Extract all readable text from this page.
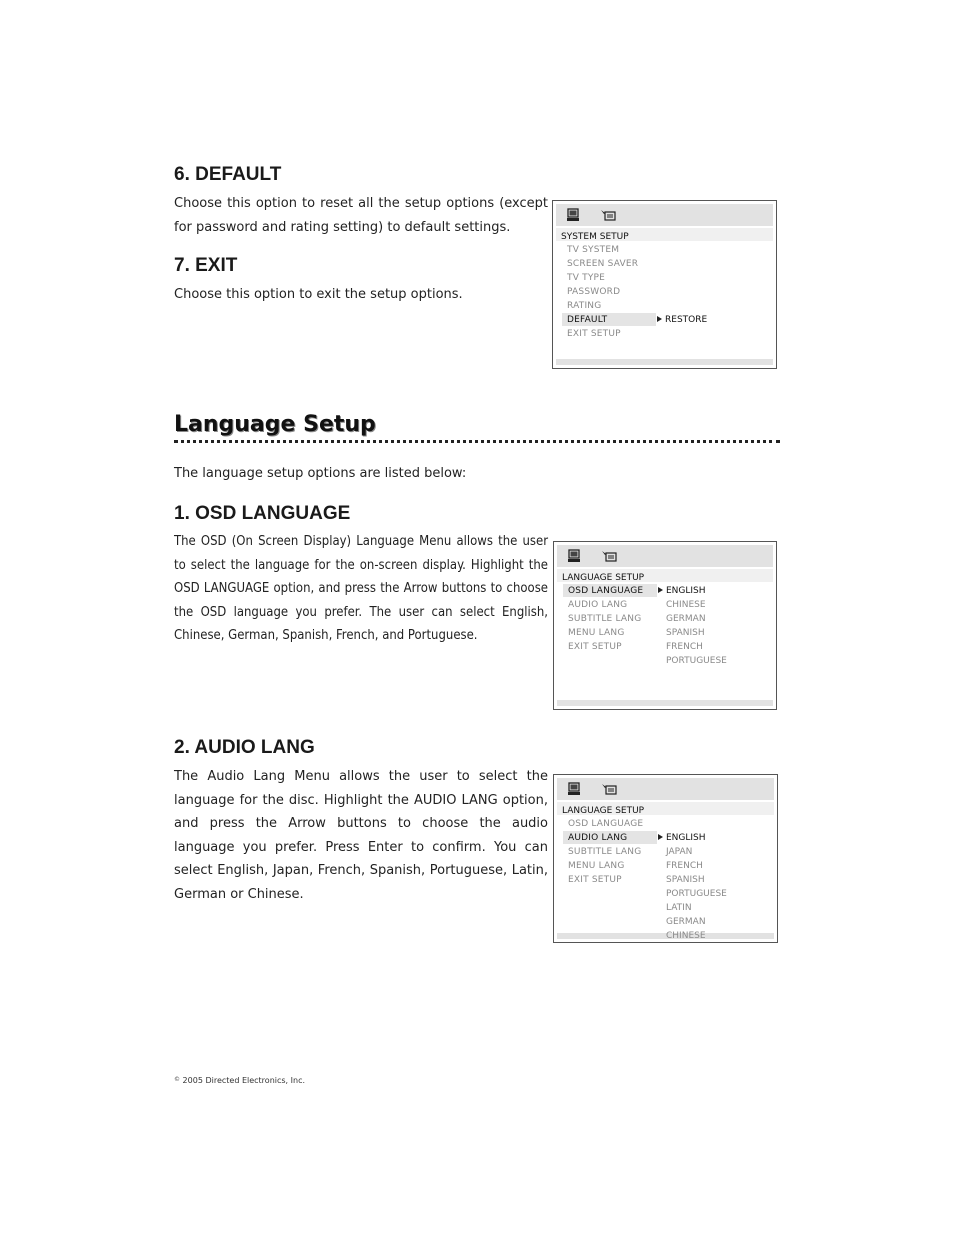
6. DEFAULT

Choose this option to reset all the setup options (except for password and rating setting) to default settings.

7. EXIT

Choose this option to exit the setup options.

SYSTEM SETUP
TV SYSTEM
SCREEN SAVER
TV TYPE
PASSWORD
RATING
DEFAULT
EXIT SETUP
RESTORE
Language Setup

The language setup options are listed below:

1. OSD LANGUAGE

The OSD (On Screen Display) Language Menu allows the user to select the language for the on-screen display. Highlight the OSD LANGUAGE option, and press the Arrow buttons to choose the OSD language you prefer. The user can select English, Chinese, German, Spanish, French, and Portuguese.

LANGUAGE SETUP
OSD LANGUAGE
AUDIO LANG
SUBTITLE LANG
MENU LANG
EXIT SETUP
ENGLISH
CHINESE
GERMAN
SPANISH
FRENCH
PORTUGUESE
2. AUDIO LANG

The Audio Lang Menu allows the user to select the language for the disc. Highlight the AUDIO LANG option, and press the Arrow buttons to choose the audio language you prefer. Press Enter to confirm. You can select English, Japan, French, Spanish, Portuguese, Latin, German or Chinese.

LANGUAGE SETUP
OSD LANGUAGE
AUDIO LANG
SUBTITLE LANG
MENU LANG
EXIT SETUP
ENGLISH
JAPAN
FRENCH
SPANISH
PORTUGUESE
LATIN
GERMAN
CHINESE
© 2005 Directed Electronics, Inc.
